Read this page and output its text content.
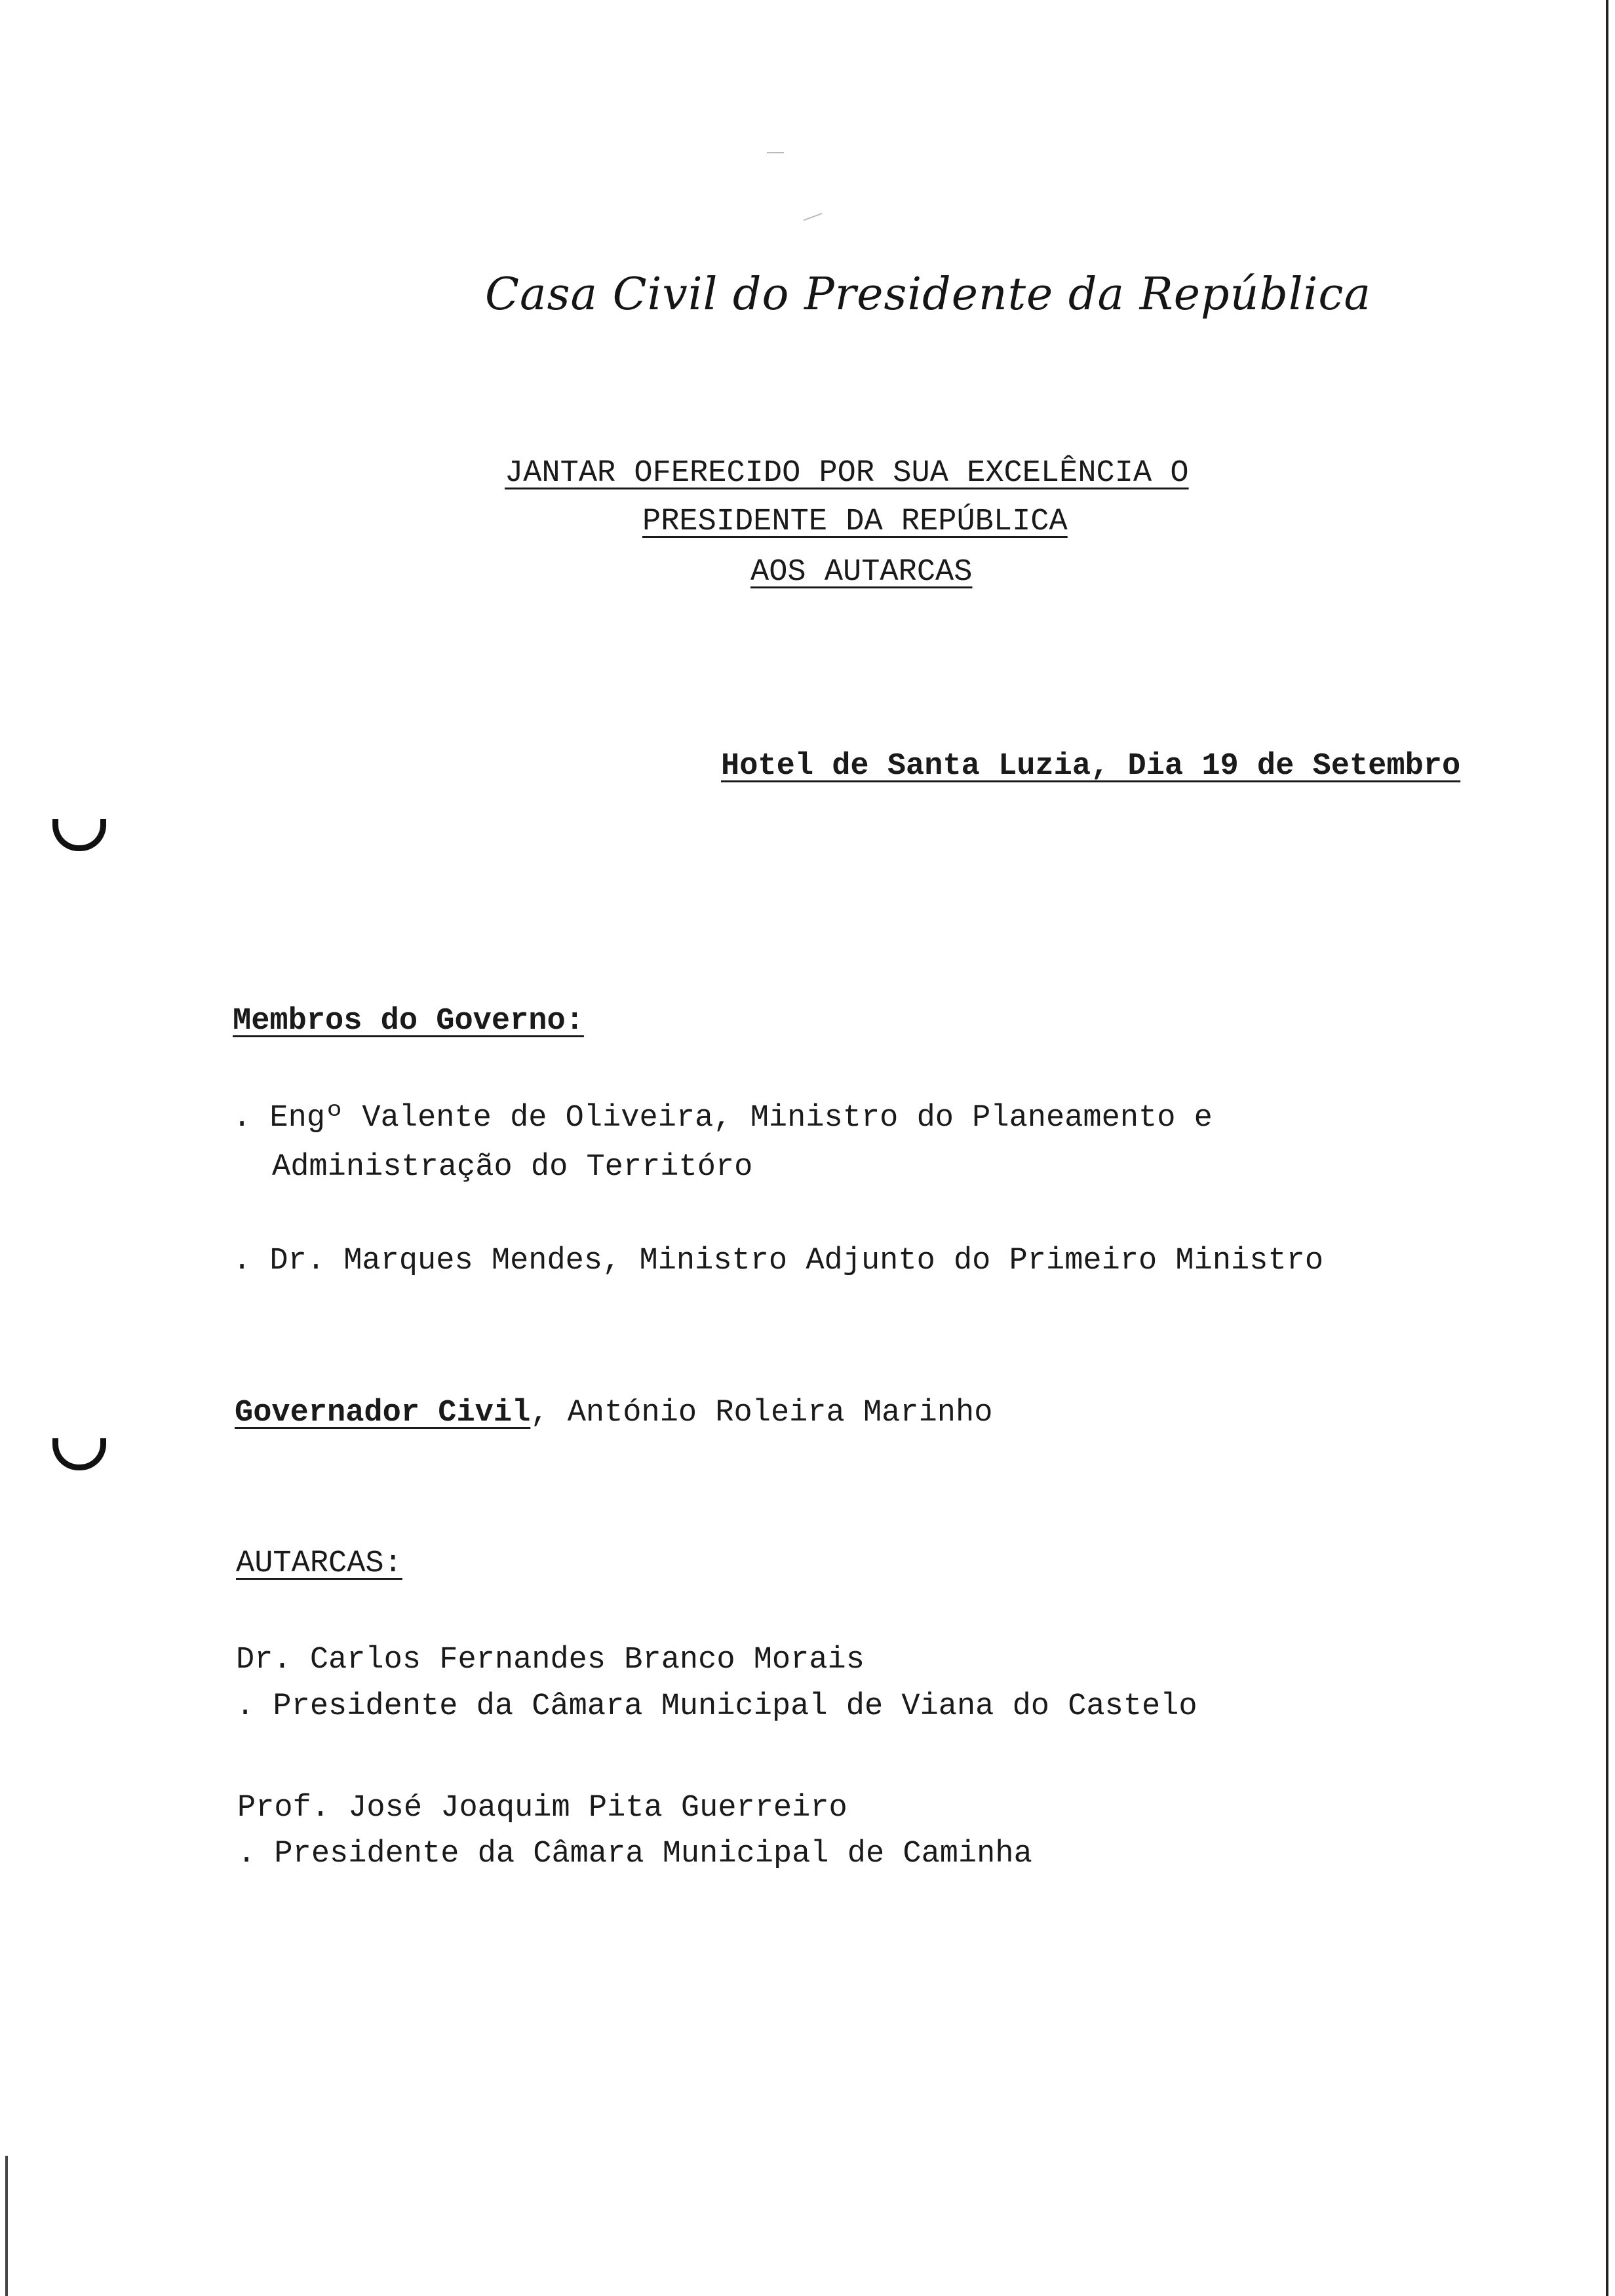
Casa Civil do Presidente da República
JANTAR OFERECIDO POR SUA EXCELÊNCIA O
PRESIDENTE DA REPÚBLICA
AOS AUTARCAS
Hotel de Santa Luzia, Dia 19 de Setembro
Membros do Governo:
. Engº Valente de Oliveira, Ministro do Planeamento e
Administração do Territóro
. Dr. Marques Mendes, Ministro Adjunto do Primeiro Ministro
Governador Civil, António Roleira Marinho
AUTARCAS:
Dr. Carlos Fernandes Branco Morais
. Presidente da Câmara Municipal de Viana do Castelo
Prof. José Joaquim Pita Guerreiro
. Presidente da Câmara Municipal de Caminha
